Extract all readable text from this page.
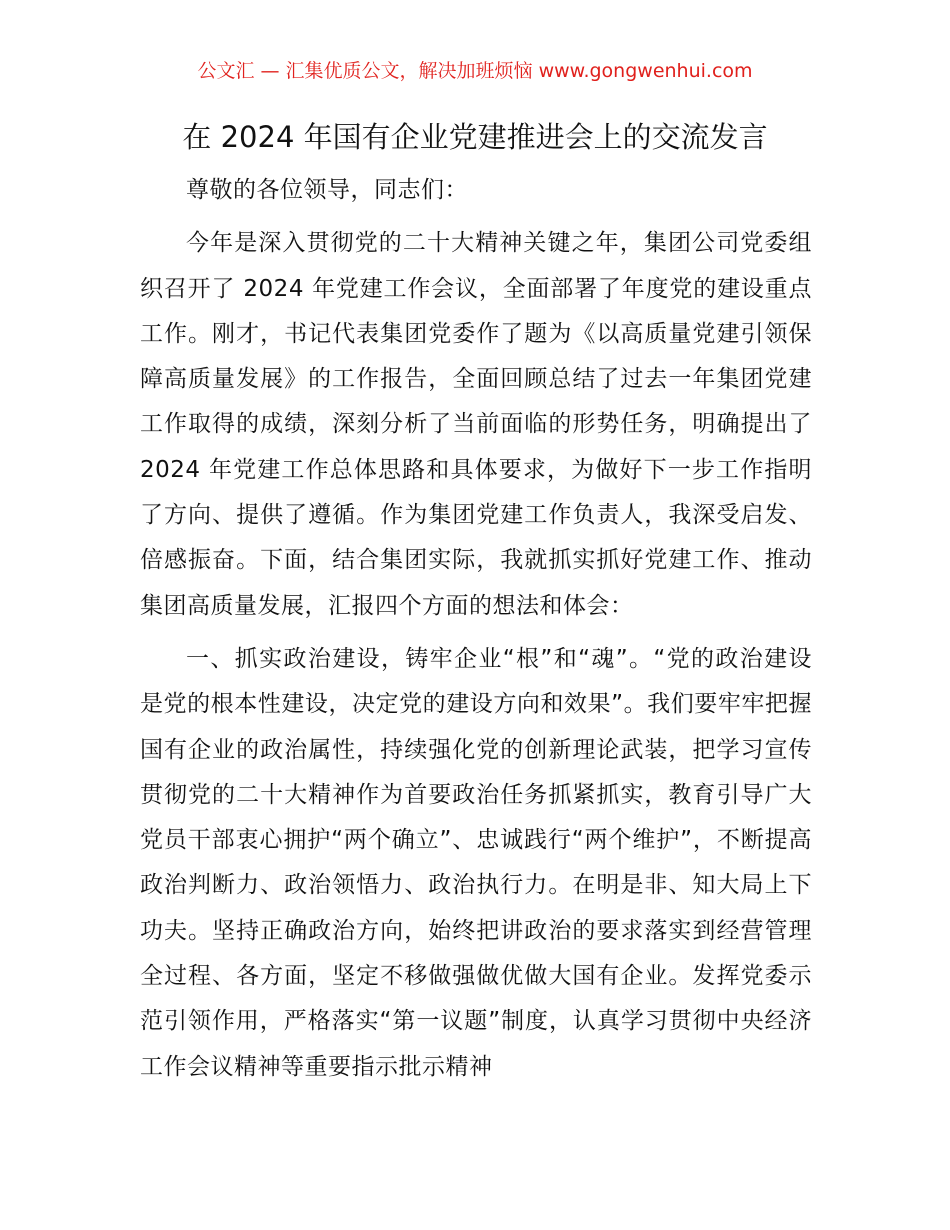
公文汇 — 汇集优质公文，解决加班烦恼 www.gongwenhui.com
在 2024 年国有企业党建推进会上的交流发言

尊敬的各位领导，同志们：

今年是深入贯彻党的二十大精神关键之年，集团公司党委组织召开了 2024 年党建工作会议，全面部署了年度党的建设重点工作。刚才，书记代表集团党委作了题为《以高质量党建引领保障高质量发展》的工作报告，全面回顾总结了过去一年集团党建工作取得的成绩，深刻分析了当前面临的形势任务，明确提出了 2024 年党建工作总体思路和具体要求，为做好下一步工作指明了方向、提供了遵循。作为集团党建工作负责人，我深受启发、倍感振奋。下面，结合集团实际，我就抓实抓好党建工作、推动集团高质量发展，汇报四个方面的想法和体会：

一、抓实政治建设，铸牢企业“根”和“魂”。“党的政治建设是党的根本性建设，决定党的建设方向和效果”。我们要牢牢把握国有企业的政治属性，持续强化党的创新理论武装，把学习宣传贯彻党的二十大精神作为首要政治任务抓紧抓实，教育引导广大党员干部衷心拥护“两个确立”、忠诚践行“两个维护”，不断提高政治判断力、政治领悟力、政治执行力。在明是非、知大局上下功夫。坚持正确政治方向，始终把讲政治的要求落实到经营管理全过程、各方面，坚定不移做强做优做大国有企业。发挥党委示范引领作用，严格落实“第一议题”制度，认真学习贯彻中央经济工作会议精神等重要指示批示精神
